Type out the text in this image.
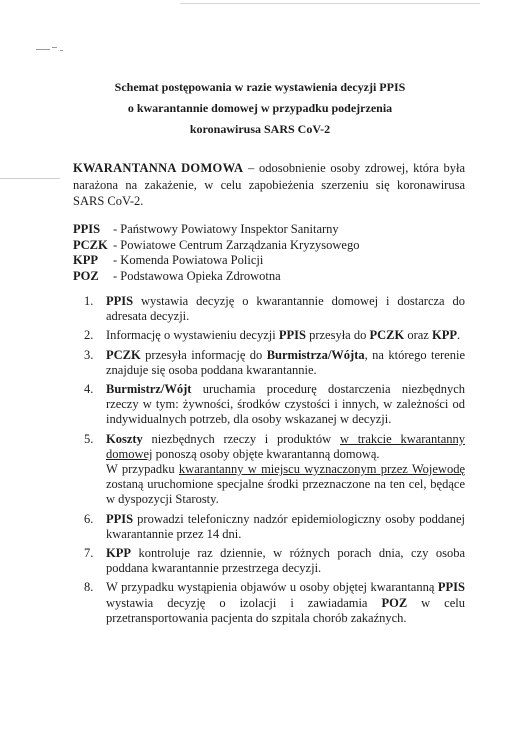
Schemat postępowania w razie wystawienia decyzji PPIS
o kwarantannie domowej w przypadku podejrzenia
koronawirusa SARS CoV-2
KWARANTANNA DOMOWA – odosobnienie osoby zdrowej, która była narażona na zakażenie, w celu zapobieżenia szerzeniu się koronawirusa SARS CoV-2.
PPIS	- Państwowy Powiatowy Inspektor Sanitarny
PCZK - Powiatowe Centrum Zarządzania Kryzysowego
KPP	- Komenda Powiatowa Policji
POZ	- Podstawowa Opieka Zdrowotna
1.	PPIS wystawia decyzję o kwarantannie domowej i dostarcza do adresata decyzji.
2.	Informację o wystawieniu decyzji PPIS przesyła do PCZK oraz KPP.
3.	PCZK przesyła informację do Burmistrza/Wójta, na którego terenie znajduje się osoba poddana kwarantannie.
4.	Burmistrz/Wójt uruchamia procedurę dostarczenia niezbędnych rzeczy w tym: żywności, środków czystości i innych, w zależności od indywidualnych potrzeb, dla osoby wskazanej w decyzji.
5.	Koszty niezbędnych rzeczy i produktów w trakcie kwarantanny domowej ponoszą osoby objęte kwarantanną domową.
W przypadku kwarantanny w miejscu wyznaczonym przez Wojewodę zostaną uruchomione specjalne środki przeznaczone na ten cel, będące w dyspozycji Starosty.
6.	PPIS prowadzi telefoniczny nadzór epidemiologiczny osoby poddanej kwarantannie przez 14 dni.
7.	KPP kontroluje raz dziennie, w różnych porach dnia, czy osoba poddana kwarantannie przestrzega decyzji.
8.	W przypadku wystąpienia objawów u osoby objętej kwarantanną PPIS wystawia decyzję o izolacji i zawiadamia POZ w celu przetransportowania pacjenta do szpitala chorób zakaźnych.
